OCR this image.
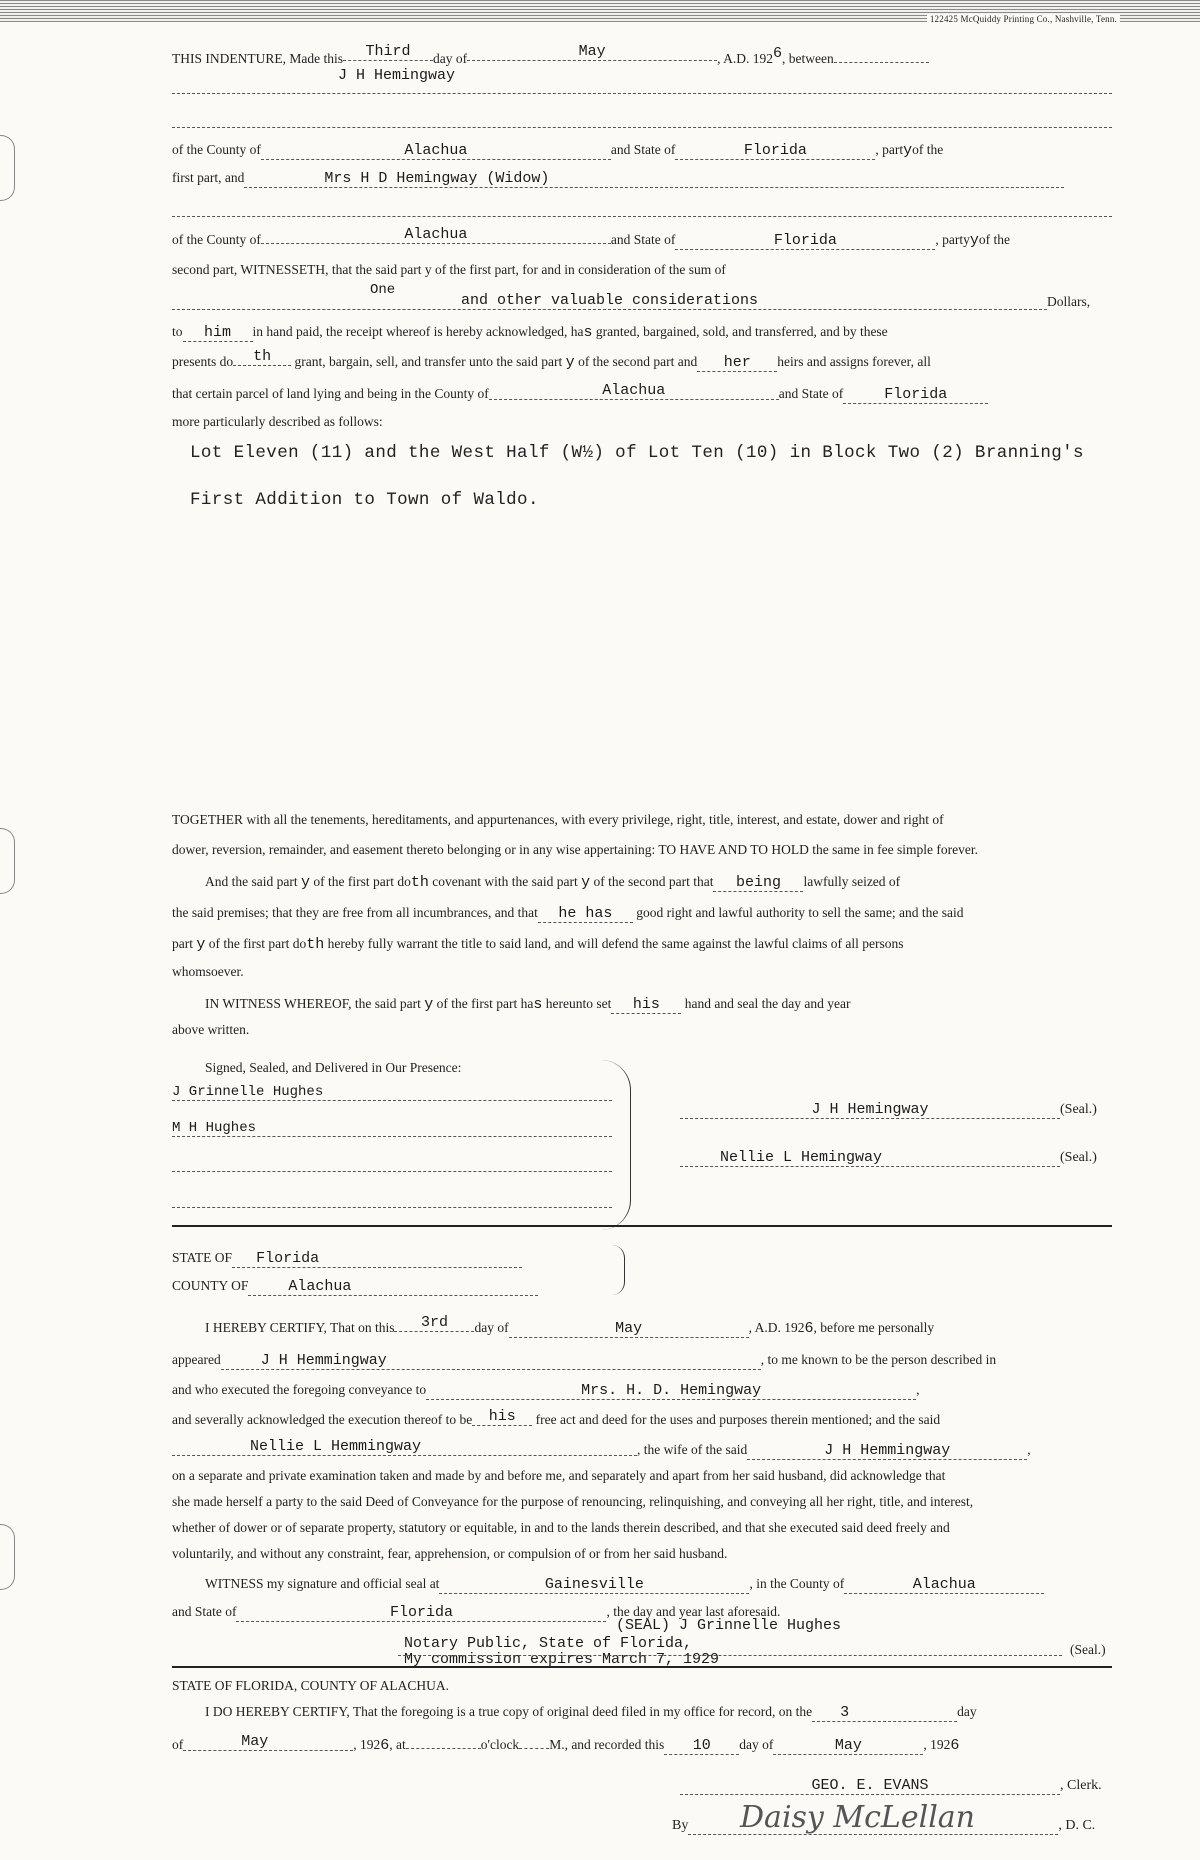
122425 McQuiddy Printing Co., Nashville, Tenn.
THIS INDENTURE, Made this Third day of	May	, A.D. 1926, between
J H Hemingway
of the County of	Alachua	and State of	Florida	, partyof the
first part, and	Mrs H D Hemingway (Widow)
of the County of	Alachua	and State of	Florida	, partyyof the
second part, WITNESSETH, that the said part y of the first part, for and in consideration of the sum of
and other valuable considerations	Dollars,
One
to him in hand paid, the receipt whereof is hereby acknowledged, has granted, bargained, sold, and transferred, and by these
presents do th grant, bargain, sell, and transfer unto the said part y of the second part and her heirs and assigns forever, all
that certain parcel of land lying and being in the County of	Alachua	and State of	Florida
more particularly described as follows:
Lot Eleven (11) and the West Half (W½) of Lot Ten (10) in Block Two (2) Branning's
First Addition to Town of Waldo.
TOGETHER with all the tenements, hereditaments, and appurtenances, with every privilege, right, title, interest, and estate, dower and right of
dower, reversion, remainder, and easement thereto belonging or in any wise appertaining: TO HAVE AND TO HOLD the same in fee simple forever.
And the said part y of the first part doth covenant with the said part y of the second part that being lawfully seized of
the said premises; that they are free from all incumbrances, and that he has good right and lawful authority to sell the same; and the said
part y of the first part doth hereby fully warrant the title to said land, and will defend the same against the lawful claims of all persons
whomsoever.
IN WITNESS WHEREOF, the said part y of the first part has hereunto set his hand and seal the day and year
above written.
Signed, Sealed, and Delivered in Our Presence:
J Grinnelle Hughes
M H Hughes
J H Hemingway	(Seal.)
Nellie L Hemingway	(Seal.)
STATE OF Florida
COUNTY OF	Alachua
I HEREBY CERTIFY, That on this 3rd day of	May	, A.D. 1926, before me personally
appeared	J H Hemmingway	, to me known to be the person described in
and who executed the foregoing conveyance to	Mrs. H. D. Hemingway	,
and severally acknowledged the execution thereof to be his free act and deed for the uses and purposes therein mentioned; and the said
Nellie L Hemmingway	, the wife of the said	J H Hemmingway	,
on a separate and private examination taken and made by and before me, and separately and apart from her said husband, did acknowledge that
she made herself a party to the said Deed of Conveyance for the purpose of renouncing, relinquishing, and conveying all her right, title, and interest,
whether of dower or of separate property, statutory or equitable, in and to the lands therein described, and that she executed said deed freely and
voluntarily, and without any constraint, fear, apprehension, or compulsion of or from her said husband.
WITNESS my signature and official seal at	Gainesville	, in the County of	Alachua
and State of	Florida	, the day and year last aforesaid.
(SEAL) J Grinnelle Hughes
Notary Public, State of Florida,
My commission expires March 7, 1929
(Seal.)
STATE OF FLORIDA, COUNTY OF ALACHUA.
I DO HEREBY CERTIFY, That the foregoing is a true copy of original deed filed in my office for record, on the 3	day
of	May	, 1926, at	o'clock M., and recorded this 10 day of	May	, 1926
GEO. E. EVANS	, Clerk.
By	, D. C.
Daisy McLellan
